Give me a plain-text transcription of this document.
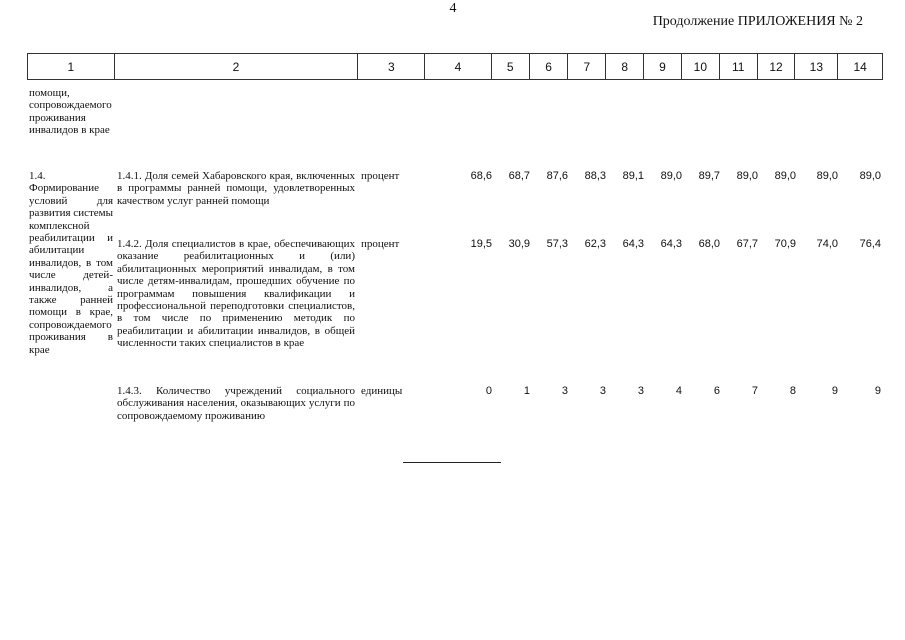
4
Продолжение ПРИЛОЖЕНИЯ № 2
1	2	3	4	5	6	7	8	9	10	11	12	13	14
помощи, сопровождаемого проживания инвалидов в крае
1.4. Формирование условий для развития системы комплексной реабилитации и абилитации инвалидов, в том числе детей-инвалидов, а также ранней помощи в крае, сопровождаемого проживания в крае
1.4.1. Доля семей Хабаровского края, включенных в программы ранней помощи, удовлетворенных качеством услуг ранней помощи
процент	68,6	68,7	87,6	88,3	89,1	89,0	89,7	89,0	89,0	89,0	89,0
1.4.2. Доля специалистов в крае, обеспечивающих оказание реабилитационных и (или) абилитационных мероприятий инвалидам, в том числе детям-инвалидам, прошедших обучение по программам повышения квалификации и профессиональной переподготовки специалистов, в том числе по применению методик по реабилитации и абилитации инвалидов, в общей численности таких специалистов в крае
процент	19,5	30,9	57,3	62,3	64,3	64,3	68,0	67,7	70,9	74,0	76,4
1.4.3. Количество учреждений социального обслуживания населения, оказывающих услуги по сопровождаемому проживанию
единицы	0	1	3	3	3	4	6	7	8	9	9
